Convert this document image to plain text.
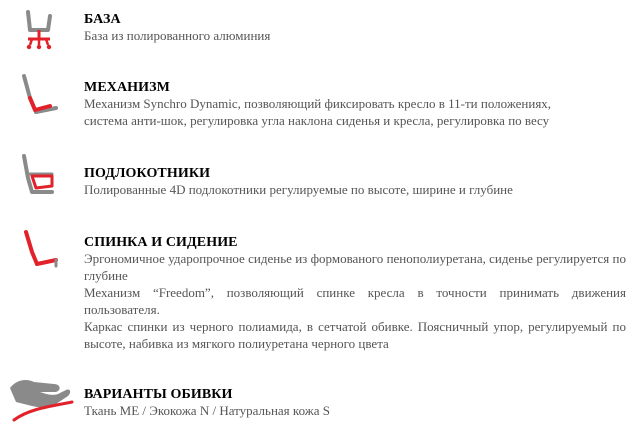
БАЗА
База из полированного алюминия
МЕХАНИЗМ
Механизм Synchro Dynamic, позволяющий фиксировать кресло в 11-ти положениях,
система анти-шок, регулировка угла наклона сиденья и кресла, регулировка по весу
ПОДЛОКОТНИКИ
Полированные 4D подлокотники регулируемые по высоте, ширине и глубине
СПИНКА И СИДЕНИЕ
Эргономичное ударопрочное сиденье из формованого пенополиуретана, сиденье регулируется по глубине
Механизм “Freedom”, позволяющий спинке кресла в точности принимать движения пользователя.
Каркас спинки из черного полиамида, в сетчатой обивке. Поясничный упор, регулируемый по высоте, набивка из мягкого полиуретана черного цвета
ВАРИАНТЫ ОБИВКИ
Ткань ME / Экокожа N / Натуральная кожа S
